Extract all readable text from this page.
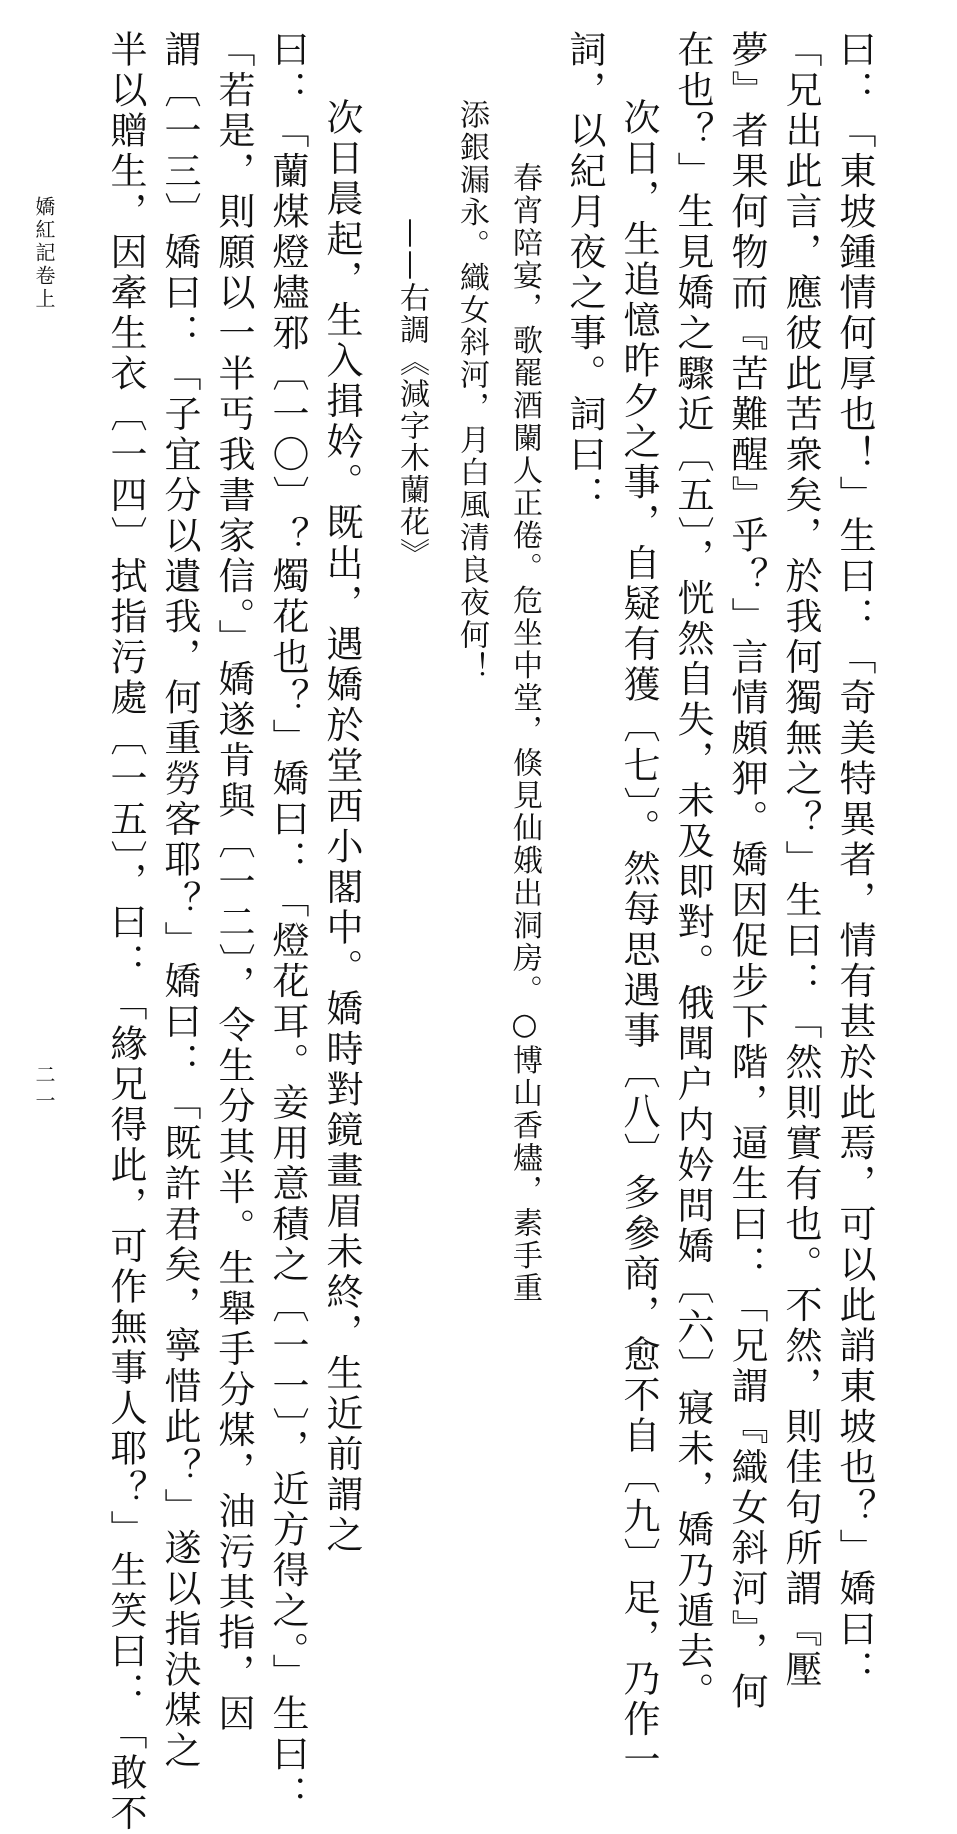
曰：「東坡鍾情何厚也！」生曰：「奇美特異者，情有甚於此焉，可以此誚東坡也？」嬌曰：
「兄出此言，應彼此苦衆矣，於我何獨無之？」生曰：「然則實有也。不然，則佳句所謂『壓
夢』者果何物而『苦難醒』乎？」言情頗狎。嬌因促步下階，逼生曰：「兄謂『織女斜河』，何
在也？」生見嬌之驟近〔五〕，恍然自失，未及即對。俄聞户内妗問嬌〔六〕寢未，嬌乃遁去。
次日，生追憶昨夕之事，自疑有獲〔七〕。然每思遇事〔八〕多參商，愈不自〔九〕足，乃作一
詞，以紀月夜之事。詞曰：
春宵陪宴，歌罷酒闌人正倦。危坐中堂，倏見仙娥出洞房。○博山香燼，素手重
添銀漏永。織女斜河，月白風清良夜何！
——右調《減字木蘭花》
次日晨起，生入揖妗。既出，遇嬌於堂西小閣中。嬌時對鏡畫眉未終，生近前謂之
曰：「蘭煤燈燼邪〔一〇〕？燭花也？」嬌曰：「燈花耳。妾用意積之〔一一〕，近方得之。」生曰：
「若是，則願以一半丐我書家信。」嬌遂肯與〔一二〕，令生分其半。生舉手分煤，油污其指，因
謂〔一三〕嬌曰：「子宜分以遺我，何重勞客耶？」嬌曰：「既許君矣，寧惜此？」遂以指決煤之
半以贈生，因牽生衣〔一四〕拭指污處〔一五〕，曰：「緣兄得此，可作無事人耶？」生笑曰：「敢不
嬌紅記卷上
二一
